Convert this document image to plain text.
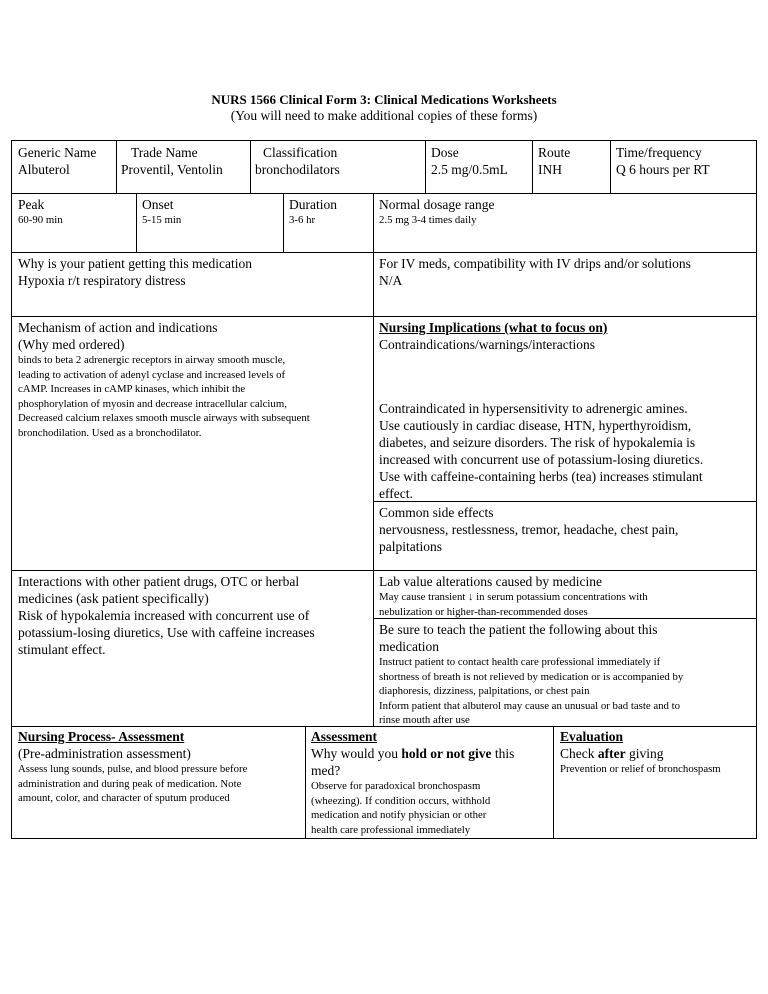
NURS 1566 Clinical Form 3: Clinical Medications Worksheets
(You will need to make additional copies of these forms)
Generic Name
Albuterol
Trade Name
Proventil, Ventolin
Classification
bronchodilators
Dose
2.5 mg/0.5mL
Route
INH
Time/frequency
Q 6 hours per RT
Peak
60-90 min
Onset
5-15 min
Duration
3-6 hr
Normal dosage range
2.5 mg 3-4 times daily
Why is your patient getting this medication
Hypoxia r/t respiratory distress
For IV meds, compatibility with IV drips and/or solutions
N/A
Mechanism of action and indications
(Why med ordered)
binds to beta 2 adrenergic receptors in airway smooth muscle,
leading to activation of adenyl cyclase and increased levels of
cAMP. Increases in cAMP kinases, which inhibit the
phosphorylation of myosin and decrease intracellular calcium,
Decreased calcium relaxes smooth muscle airways with subsequent
bronchodilation. Used as a bronchodilator.
Nursing Implications (what to focus on)
Contraindications/warnings/interactions
Contraindicated in hypersensitivity to adrenergic amines.
Use cautiously in cardiac disease, HTN, hyperthyroidism,
diabetes, and seizure disorders. The risk of hypokalemia is
increased with concurrent use of potassium-losing diuretics.
Use with caffeine-containing herbs (tea) increases stimulant
effect.
Common side effects
nervousness, restlessness, tremor, headache, chest pain,
palpitations
Interactions with other patient drugs, OTC or herbal
medicines (ask patient specifically)
Risk of hypokalemia increased with concurrent use of
potassium-losing diuretics, Use with caffeine increases
stimulant effect.
Lab value alterations caused by medicine
May cause transient ↓ in serum potassium concentrations with
nebulization or higher-than-recommended doses
Be sure to teach the patient the following about this
medication
Instruct patient to contact health care professional immediately if
shortness of breath is not relieved by medication or is accompanied by
diaphoresis, dizziness, palpitations, or chest pain
Inform patient that albuterol may cause an unusual or bad taste and to
rinse mouth after use
Nursing Process- Assessment
(Pre-administration assessment)
Assess lung sounds, pulse, and blood pressure before
administration and during peak of medication. Note
amount, color, and character of sputum produced
Assessment
Why would you hold or not give this
med?
Observe for paradoxical bronchospasm
(wheezing). If condition occurs, withhold
medication and notify physician or other
health care professional immediately
Evaluation
Check after giving
Prevention or relief of bronchospasm
